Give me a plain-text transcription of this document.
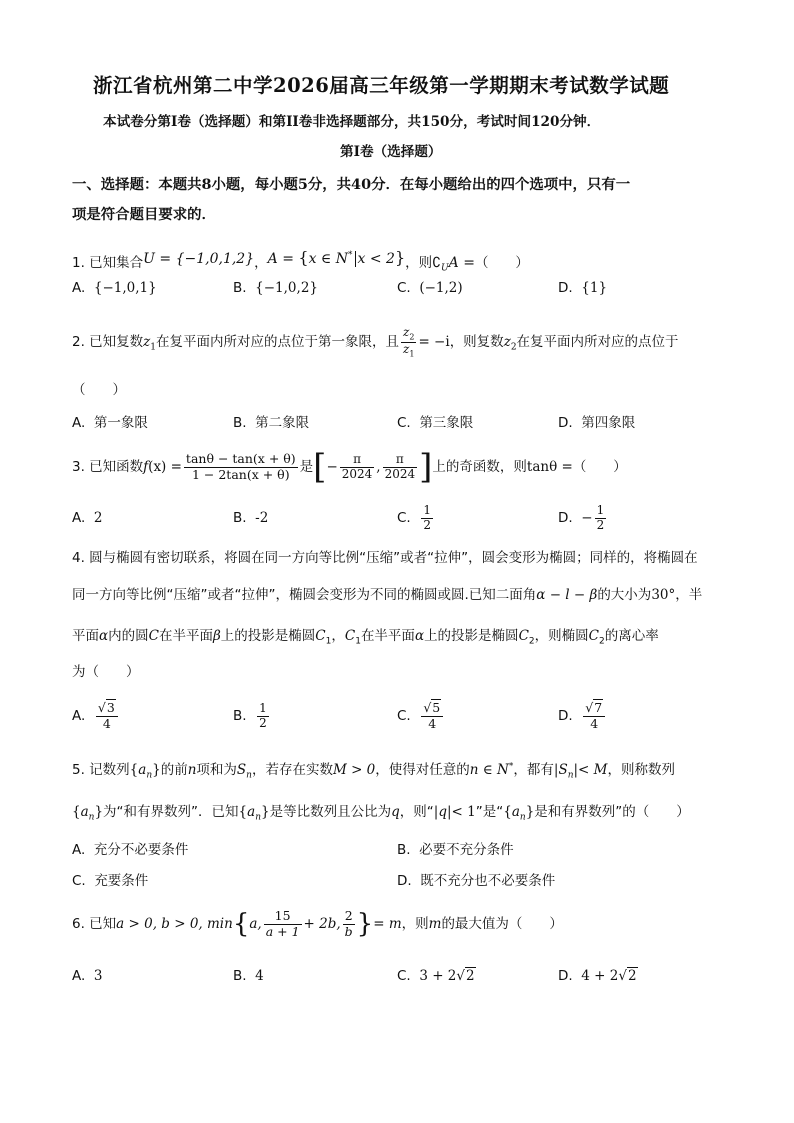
浙江省杭州第二中学2026届高三年级第一学期期末考试数学试题
本试卷分第I卷（选择题）和第II卷非选择题部分，共150分，考试时间120分钟．
第I卷（选择题）
一、选择题：本题共8小题，每小题5分，共40分．在每小题给出的四个选项中，只有一
项是符合题目要求的．
1. 已知集合U = {−1,0,1,2}，A = {x ∈ N* x < 2}，则$∁_UA$ =（　　）
A. {−1,0,1}	B. {−1,0,2}	C. (−1,2)	D. {1}
2. 已知复数$z_1$在复平面内所对应的点位于第一象限，且 $\frac{z_2}{z_1} = -i$，则复数$z_2$在复平面内所对应的点位于
（　　）
A. 第一象限	B. 第二象限	C. 第三象限	D. 第四象限
3. 已知函数$f(x) = \frac{\tan\theta - \tan(x + \theta)}{1 - 2\tan(x + \theta)}$ 是[− $\frac{\pi}{2024}$ , $\frac{\pi}{2024}$ ]上的奇函数，则tanθ =（　　）
A. 2	B. -2	C. $\frac{1}{2}$	D. − $\frac{1}{2}$
4. 圆与椭圆有密切联系，将圆在同一方向等比例“压缩”或者“拉伸”，圆会变形为椭圆；同样的，将椭圆在
同一方向等比例“压缩”或者“拉伸”，椭圆会变形为不同的椭圆或圆.已知二面角α − l − β的大小为30°，半
平面α内的圆C在半平面β上的投影是椭圆$C_1$，$C_1$在半平面α上的投影是椭圆$C_2$，则椭圆$C_2$的离心率
为（　　）
A. $\frac{√3}{4}$	B. $\frac{1}{2}$	C. $\frac{√5}{4}$	D. $\frac{√7}{4}$
5. 记数列$\{a_n\}$的前n项和为$S_n$，若存在实数M > 0，使得对任意的n ∈ N*，都有$|S_n|< M$，则称数列
$\{a_n\}$为“和有界数列”．已知$\{a_n\}$是等比数列且公比为q，则“|q|< 1”是“$\{a_n\}$是和有界数列”的（　　）
A. 充分不必要条件	B. 必要不充分条件
C. 充要条件	D. 既不充分也不必要条件
6. 已知a > 0, b > 0, min{a, $\frac{15}{a + 1} + 2b$, $\frac{2}{b}$ }= m，则m的最大值为（　　）
A. 3	B. 4	C. 3 + 2√2	D. 4 + 2√2
